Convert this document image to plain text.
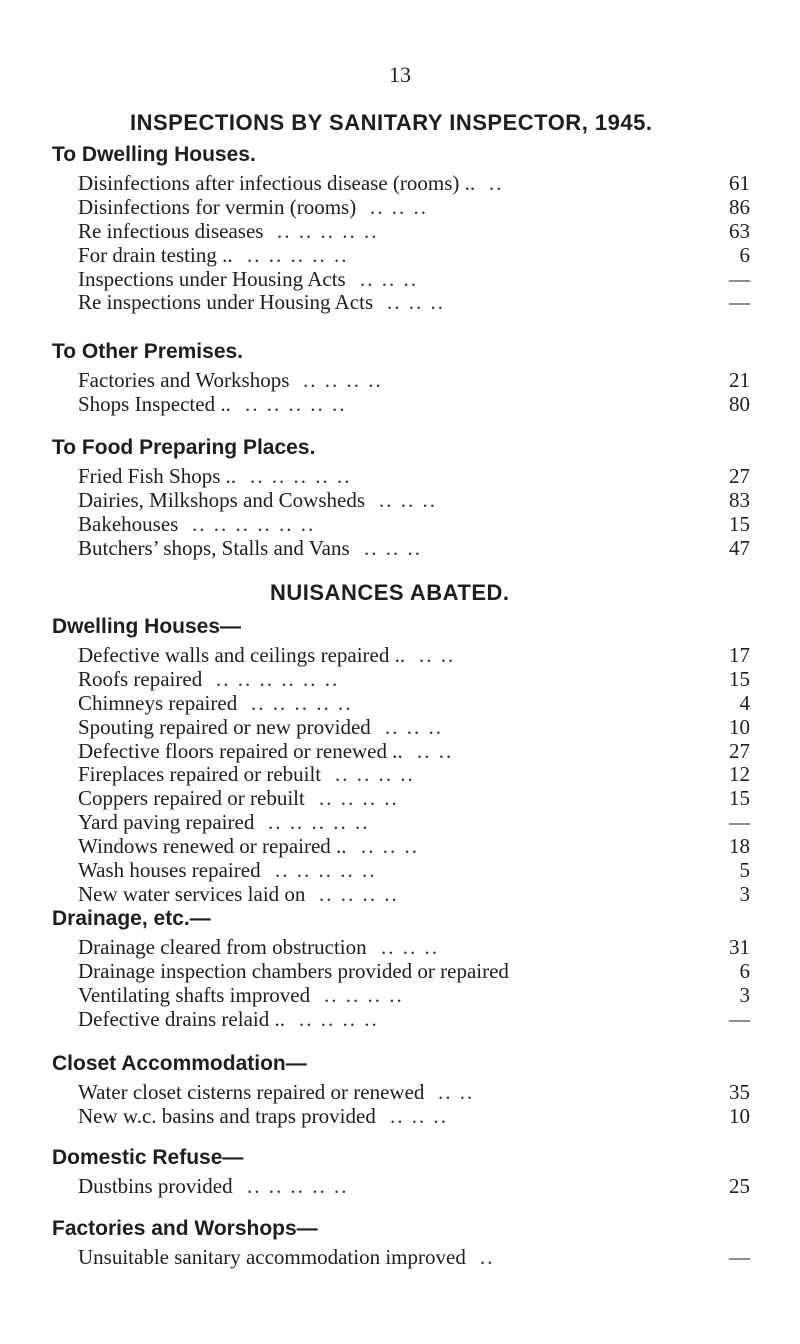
13
INSPECTIONS BY SANITARY INSPECTOR, 1945.
To Dwelling Houses.
Disinfections after infectious disease (rooms) .. ..	61
Disinfections for vermin (rooms) .. .. ..	86
Re infectious diseases .. .. .. .. ..	63
For drain testing .. .. .. .. .. ..	6
Inspections under Housing Acts .. .. ..	—
Re inspections under Housing Acts .. .. ..	—
To Other Premises.
Factories and Workshops .. .. .. ..	21
Shops Inspected .. .. .. .. .. ..	80
To Food Preparing Places.
Fried Fish Shops .. .. .. .. .. ..	27
Dairies, Milkshops and Cowsheds .. .. ..	83
Bakehouses .. .. .. .. .. ..	15
Butchers’ shops, Stalls and Vans .. .. ..	47
NUISANCES ABATED.
Dwelling Houses—
Defective walls and ceilings repaired .. .. ..	17
Roofs repaired .. .. .. .. .. ..	15
Chimneys repaired .. .. .. .. ..	4
Spouting repaired or new provided .. .. ..	10
Defective floors repaired or renewed .. .. ..	27
Fireplaces repaired or rebuilt .. .. .. ..	12
Coppers repaired or rebuilt .. .. .. ..	15
Yard paving repaired .. .. .. .. ..	—
Windows renewed or repaired .. .. .. ..	18
Wash houses repaired .. .. .. .. ..	5
New water services laid on .. .. .. ..	3
Drainage, etc.—
Drainage cleared from obstruction .. .. ..	31
Drainage inspection chambers provided or repaired	6
Ventilating shafts improved .. .. .. ..	3
Defective drains relaid .. .. .. .. ..	—
Closet Accommodation—
Water closet cisterns repaired or renewed .. ..	35
New w.c. basins and traps provided .. .. ..	10
Domestic Refuse—
Dustbins provided .. .. .. .. ..	25
Factories and Worshops—
Unsuitable sanitary accommodation improved ..	—
